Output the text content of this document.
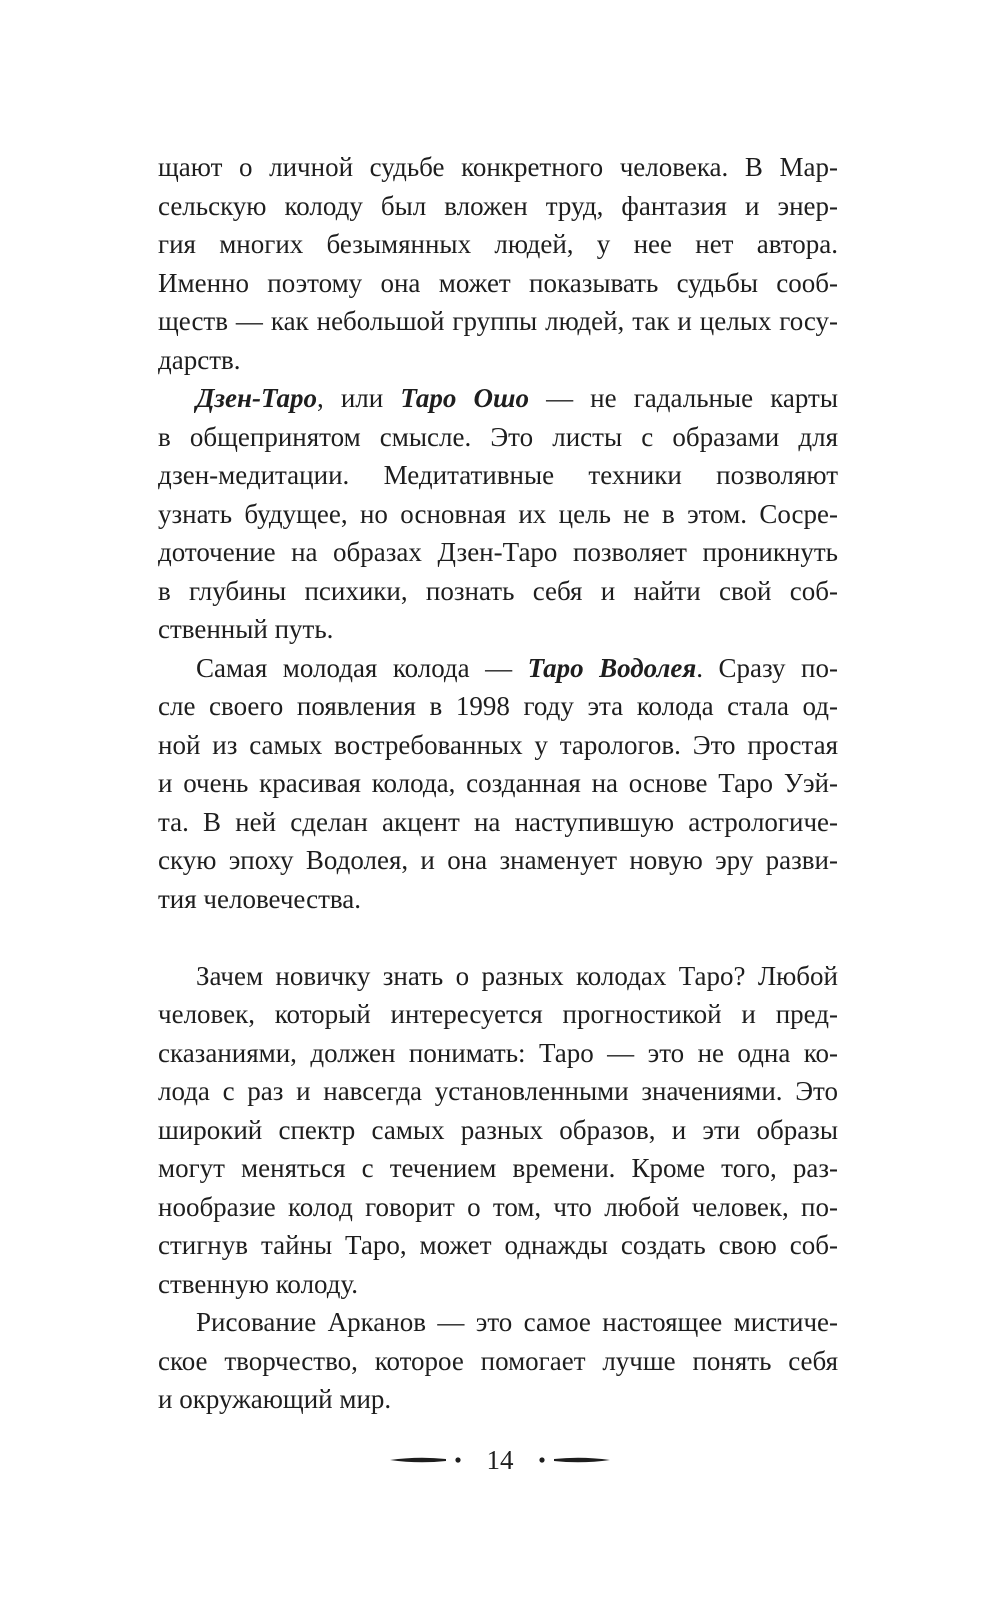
щают о личной судьбе конкретного человека. В Мар-
сельскую колоду был вложен труд, фантазия и энер-
гия многих безымянных людей, у нее нет автора.
Именно поэтому она может показывать судьбы сооб-
ществ — как небольшой группы людей, так и целых госу-
дарств.
Дзен-Таро, или Таро Ошо — не гадальные карты
в общепринятом смысле. Это листы с образами для
дзен-медитации. Медитативные техники позволяют
узнать будущее, но основная их цель не в этом. Сосре-
доточение на образах Дзен-Таро позволяет проникнуть
в глубины психики, познать себя и найти свой соб-
ственный путь.
Самая молодая колода — Таро Водолея. Сразу по-
сле своего появления в 1998 году эта колода стала од-
ной из самых востребованных у тарологов. Это простая
и очень красивая колода, созданная на основе Таро Уэй-
та. В ней сделан акцент на наступившую астрологиче-
скую эпоху Водолея, и она знаменует новую эру разви-
тия человечества.
Зачем новичку знать о разных колодах Таро? Любой
человек, который интересуется прогностикой и пред-
сказаниями, должен понимать: Таро — это не одна ко-
лода с раз и навсегда установленными значениями. Это
широкий спектр самых разных образов, и эти образы
могут меняться с течением времени. Кроме того, раз-
нообразие колод говорит о том, что любой человек, по-
стигнув тайны Таро, может однажды создать свою соб-
ственную колоду.
Рисование Арканов — это самое настоящее мистиче-
ское творчество, которое помогает лучше понять себя
и окружающий мир.
14
